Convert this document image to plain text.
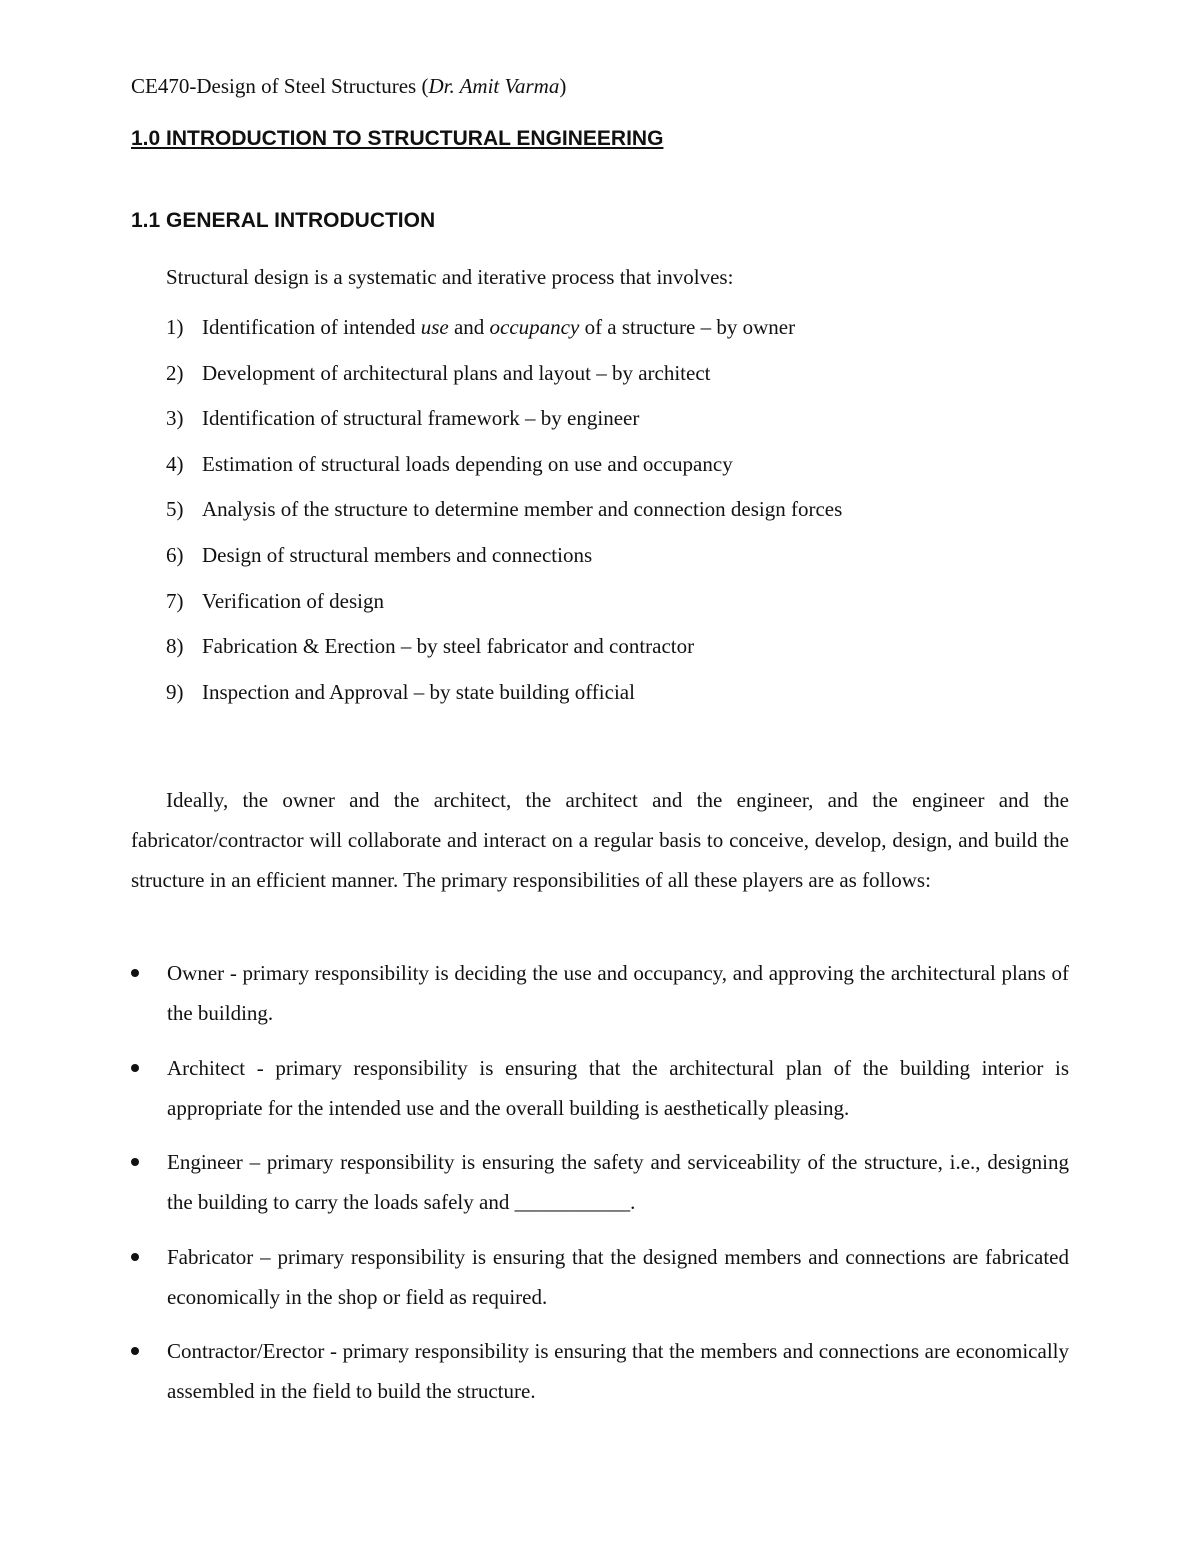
CE470-Design of Steel Structures (Dr. Amit Varma)
1.0 INTRODUCTION TO STRUCTURAL ENGINEERING
1.1 GENERAL INTRODUCTION
Structural design is a systematic and iterative process that involves:
1) Identification of intended use and occupancy of a structure – by owner
2) Development of architectural plans and layout – by architect
3) Identification of structural framework – by engineer
4) Estimation of structural loads depending on use and occupancy
5) Analysis of the structure to determine member and connection design forces
6) Design of structural members and connections
7) Verification of design
8) Fabrication & Erection – by steel fabricator and contractor
9) Inspection and Approval – by state building official

Ideally, the owner and the architect, the architect and the engineer, and the engineer and the fabricator/contractor will collaborate and interact on a regular basis to conceive, develop, design, and build the structure in an efficient manner. The primary responsibilities of all these players are as follows:

Owner - primary responsibility is deciding the use and occupancy, and approving the architectural plans of the building.
Architect - primary responsibility is ensuring that the architectural plan of the building interior is appropriate for the intended use and the overall building is aesthetically pleasing.
Engineer – primary responsibility is ensuring the safety and serviceability of the structure, i.e., designing the building to carry the loads safely and ___________.
Fabricator – primary responsibility is ensuring that the designed members and connections are fabricated economically in the shop or field as required.
Contractor/Erector - primary responsibility is ensuring that the members and connections are economically assembled in the field to build the structure.
